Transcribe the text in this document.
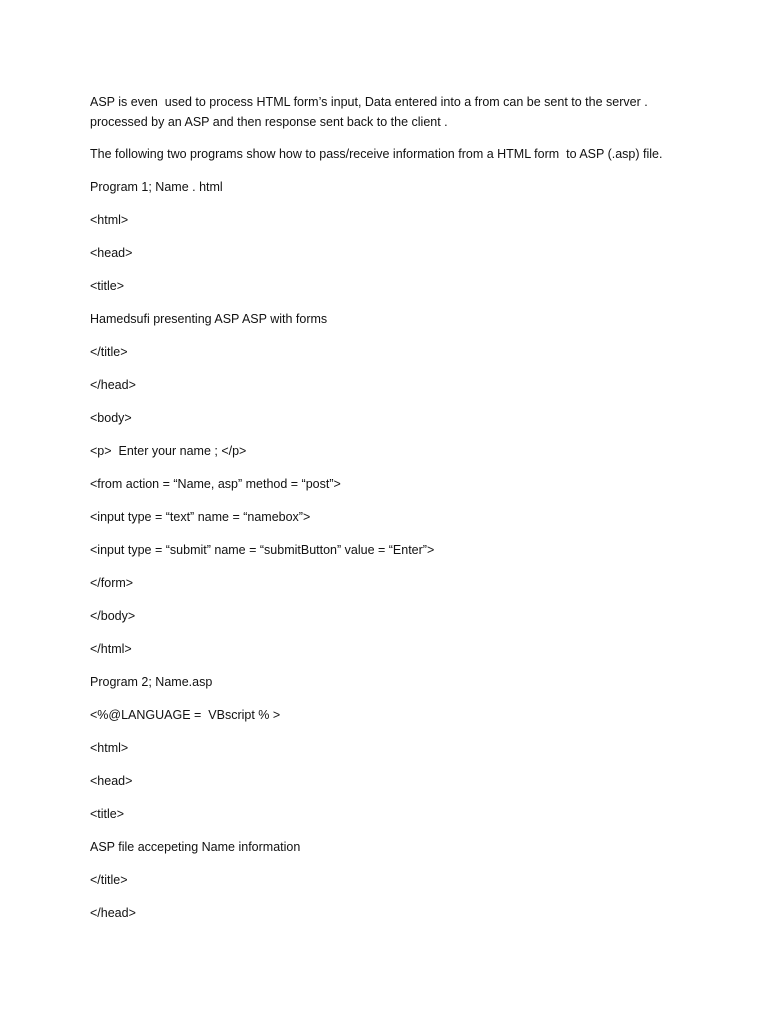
ASP is even  used to process HTML form’s input, Data entered into a from can be sent to the server .
processed by an ASP and then response sent back to the client .
The following two programs show how to pass/receive information from a HTML form  to ASP (.asp) file.
Program 1; Name . html
<html>
<head>
<title>
Hamedsufi presenting ASP ASP with forms
</title>
</head>
<body>
<p>  Enter your name ; </p>
<from action = “Name, asp” method = “post”>
<input type = “text” name = “namebox”>
<input type = “submit” name = “submitButton” value = “Enter”>
</form>
</body>
</html>
Program 2; Name.asp
<%@LANGUAGE =  VBscript % >
<html>
<head>
<title>
ASP file accepeting Name information
</title>
</head>
